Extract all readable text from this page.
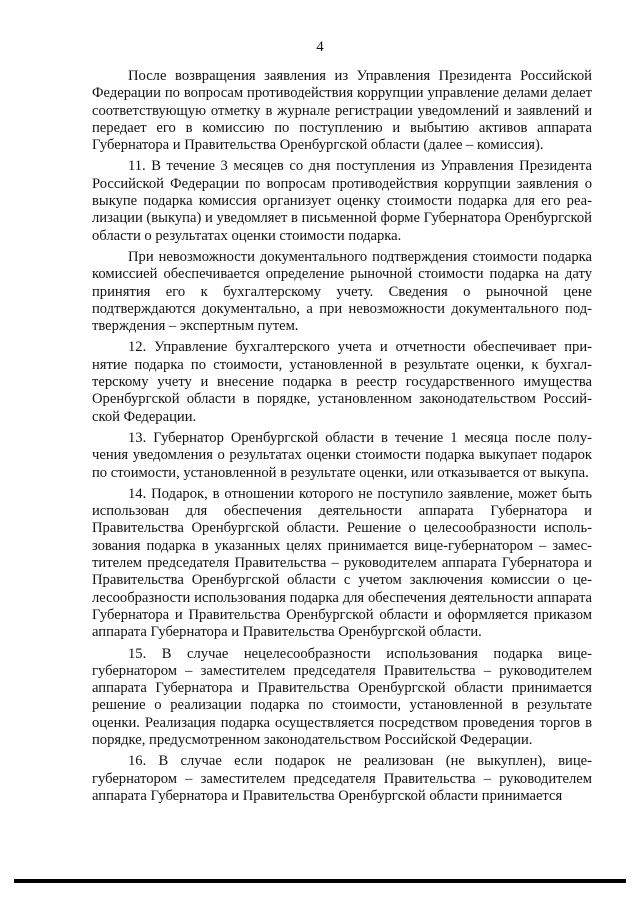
4

После возвращения заявления из Управления Президента Российской Федерации по вопросам противодействия коррупции управление делами делает соответствующую отметку в журнале регистрации уведомлений и заявлений и передает его в комиссию по поступлению и выбытию активов аппарата Губернатора и Правительства Оренбургской области (далее – комиссия).

11. В течение 3 месяцев со дня поступления из Управления Президента Российской Федерации по вопросам противодействия коррупции заявления о выкупе подарка комиссия организует оценку стоимости подарка для его реализации (выкупа) и уведомляет в письменной форме Губернатора Оренбургской области о результатах оценки стоимости подарка.

При невозможности документального подтверждения стоимости подарка комиссией обеспечивается определение рыночной стоимости подарка на дату принятия его к бухгалтерскому учету. Сведения о рыночной цене подтверждаются документально, а при невозможности документального подтверждения – экспертным путем.

12. Управление бухгалтерского учета и отчетности обеспечивает принятие подарка по стоимости, установленной в результате оценки, к бухгалтерскому учету и внесение подарка в реестр государственного имущества Оренбургской области в порядке, установленном законодательством Российской Федерации.

13. Губернатор Оренбургской области в течение 1 месяца после получения уведомления о результатах оценки стоимости подарка выкупает подарок по стоимости, установленной в результате оценки, или отказывается от выкупа.

14. Подарок, в отношении которого не поступило заявление, может быть использован для обеспечения деятельности аппарата Губернатора и Правительства Оренбургской области. Решение о целесообразности использования подарка в указанных целях принимается вице-губернатором – заместителем председателя Правительства – руководителем аппарата Губернатора и Правительства Оренбургской области с учетом заключения комиссии о целесообразности использования подарка для обеспечения деятельности аппарата Губернатора и Правительства Оренбургской области и оформляется приказом аппарата Губернатора и Правительства Оренбургской области.

15. В случае нецелесообразности использования подарка вице-губернатором – заместителем председателя Правительства – руководителем аппарата Губернатора и Правительства Оренбургской области принимается решение о реализации подарка по стоимости, установленной в результате оценки. Реализация подарка осуществляется посредством проведения торгов в порядке, предусмотренном законодательством Российской Федерации.

16. В случае если подарок не реализован (не выкуплен), вице-губернатором – заместителем председателя Правительства – руководителем аппарата Губернатора и Правительства Оренбургской области принимается
